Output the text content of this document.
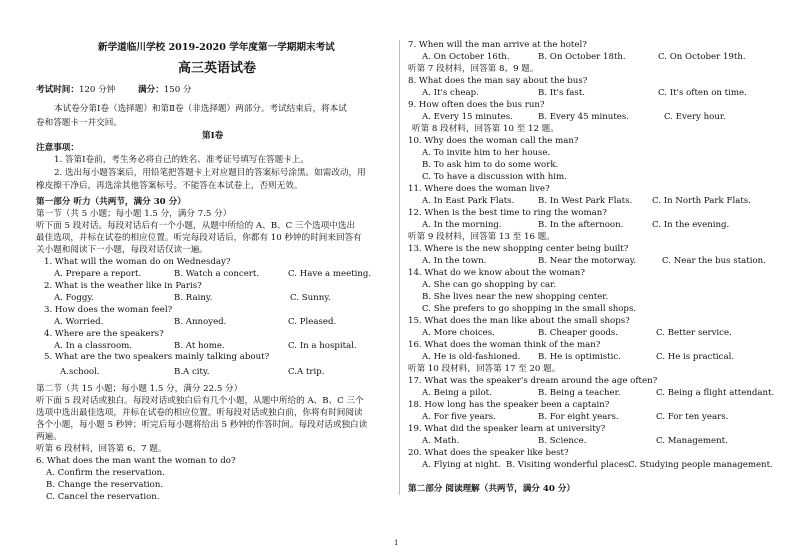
新学道临川学校 2019-2020 学年度第一学期期末考试
高三英语试卷
考试时间：120 分钟	满分：150 分
本试卷分第Ⅰ卷（选择题）和第Ⅱ卷（非选择题）两部分。考试结束后，将本试
卷和答题卡一并交回。
第Ⅰ卷
注意事项：
1. 答第Ⅰ卷前，考生务必将自己的姓名、准考证号填写在答题卡上。
2. 选出每小题答案后，用铅笔把答题卡上对应题目的答案标号涂黑。如需改动，用
橡皮擦干净后，再选涂其他答案标号。不能答在本试卷上，否则无效。
第一部分 听力（共两节，满分 30 分）
第一节（共 5 小题；每小题 1.5 分，满分 7.5 分）
听下面 5 段对话。每段对话后有一个小题，从题中所给的 A、B、C 三个选项中选出
最佳选项，并标在试卷的相应位置。听完每段对话后，你都有 10 秒钟的时间来回答有
关小题和阅读下一小题，每段对话仅读一遍。
1. What will the woman do on Wednesday?
A. Prepare a report.	B. Watch a concert.	C. Have a meeting.
2. What is the weather like in Paris?
A. Foggy.	B. Rainy.	C. Sunny.
3. How does the woman feel?
A. Worried.	B. Annoyed.	C. Pleased.
4. Where are the speakers?
A. In a classroom.	B. At home.	C. In a hospital.
5. What are the two speakers mainly talking about?
A.school.	B.A city.	C.A trip.
第二节（共 15 小题；每小题 1.5 分，满分 22.5 分）
听下面 5 段对话或独白。每段对话或独白后有几个小题，从题中所给的 A、B、C 三个
选项中选出最佳选项，并标在试卷的相应位置。听每段对话或独白前，你将有时间阅读
各个小题，每小题 5 秒钟；听完后每小题将给出 5 秒钟的作答时间。每段对话或独白读
两遍。
听第 6 段材料，回答第 6、7 题。
6. What does the man want the woman to do?
A. Confirm the reservation.
B. Change the reservation.
C. Cancel the reservation.
7. When will the man arrive at the hotel?
A. On October 16th.	B. On October 18th.	C. On October 19th.
听第 7 段材料，回答第 8、9 题。
8. What does the man say about the bus?
A. It's cheap.	B. It's fast.	C. It's often on time.
9. How often does the bus run?
A. Every 15 minutes.	B. Every 45 minutes.	C. Every hour.
听第 8 段材料，回答第 10 至 12 题。
10. Why does the woman call the man?
A. To invite him to her house.
B. To ask him to do some work.
C. To have a discussion with him.
11. Where does the woman live?
A. In East Park Flats.	B. In West Park Flats. C. In North Park Flats.
12. When is the best time to ring the woman?
A. In the morning.	B. In the afternoon.	C. In the evening.
听第 9 段材料，回答第 13 至 16 题。
13. Where is the new shopping center being built?
A. In the town.	B. Near the motorway.	C. Near the bus station.
14. What do we know about the woman?
A. She can go shopping by car.
B. She lives near the new shopping center.
C. She prefers to go shopping in the small shops.
15. What does the man like about the small shops?
A. More choices.	B. Cheaper goods.	C. Better service.
16. What does the woman think of the man?
A. He is old-fashioned. B. He is optimistic.	C. He is practical.
听第 10 段材料，回答第 17 至 20 题。
17. What was the speaker's dream around the age often?
A. Being a pilot.	B. Being a teacher.	C. Being a flight attendant.
18. How long has the speaker been a captain?
A. For five years.	B. For eight years.	C. For ten years.
19. What did the speaker learn at university?
A. Math.	B. Science.	C. Management.
20. What does the speaker like best?
A. Flying at night. B. Visiting wonderful places.
C. Studying people management.
第二部分 阅读理解（共两节，满分 40 分）
1
